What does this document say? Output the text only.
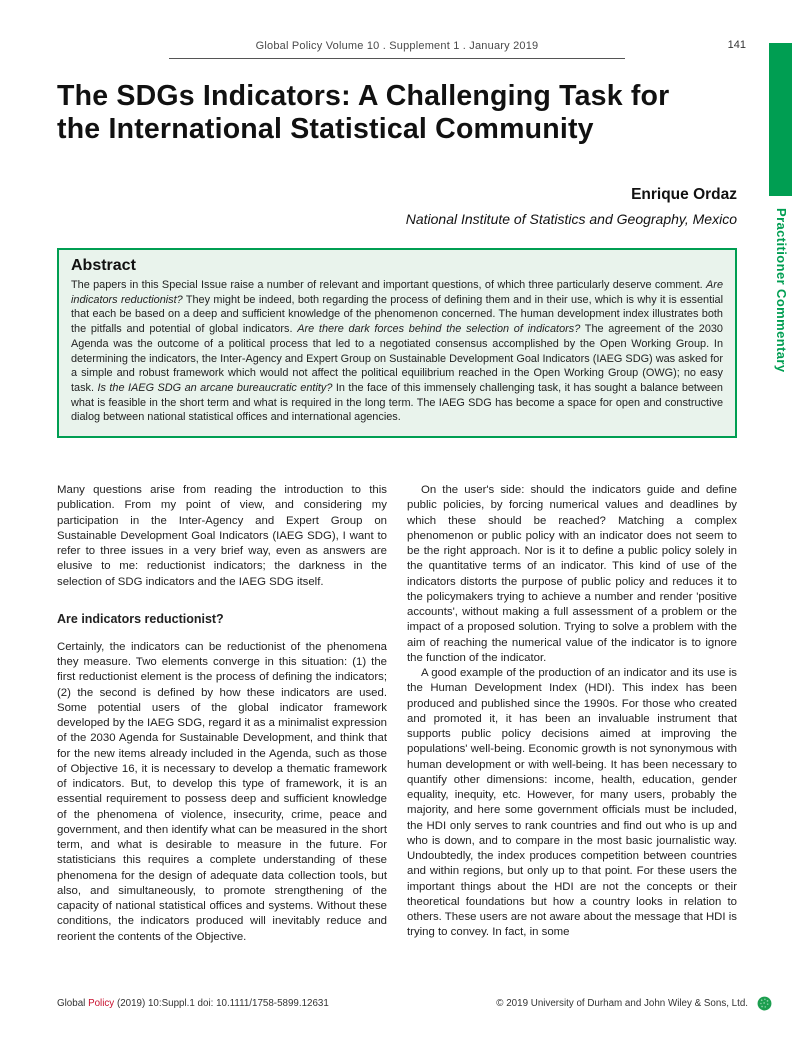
Global Policy Volume 10 . Supplement 1 . January 2019	141
Practitioner Commentary
The SDGs Indicators: A Challenging Task for the International Statistical Community
Enrique Ordaz
National Institute of Statistics and Geography, Mexico
Abstract

The papers in this Special Issue raise a number of relevant and important questions, of which three particularly deserve comment. Are indicators reductionist? They might be indeed, both regarding the process of defining them and in their use, which is why it is essential that each be based on a deep and sufficient knowledge of the phenomenon concerned. The human development index illustrates both the pitfalls and potential of global indicators. Are there dark forces behind the selection of indicators? The agreement of the 2030 Agenda was the outcome of a political process that led to a negotiated consensus accomplished by the Open Working Group. In determining the indicators, the Inter-Agency and Expert Group on Sustainable Development Goal Indicators (IAEG SDG) was asked for a simple and robust framework which would not affect the political equilibrium reached in the Open Working Group (OWG); no easy task. Is the IAEG SDG an arcane bureaucratic entity? In the face of this immensely challenging task, it has sought a balance between what is feasible in the short term and what is required in the long term. The IAEG SDG has become a space for open and constructive dialog between national statistical offices and international agencies.

Many questions arise from reading the introduction to this publication. From my point of view, and considering my participation in the Inter-Agency and Expert Group on Sustainable Development Goal Indicators (IAEG SDG), I want to refer to three issues in a very brief way, even as answers are elusive to me: reductionist indicators; the darkness in the selection of SDG indicators and the IAEG SDG itself.

Are indicators reductionist?

Certainly, the indicators can be reductionist of the phenomena they measure. Two elements converge in this situation: (1) the first reductionist element is the process of defining the indicators; (2) the second is defined by how these indicators are used. Some potential users of the global indicator framework developed by the IAEG SDG, regard it as a minimalist expression of the 2030 Agenda for Sustainable Development, and think that for the new items already included in the Agenda, such as those of Objective 16, it is necessary to develop a thematic framework of indicators. But, to develop this type of framework, it is an essential requirement to possess deep and sufficient knowledge of the phenomena of violence, insecurity, crime, peace and government, and then identify what can be measured in the short term, and what is desirable to measure in the future. For statisticians this requires a complete understanding of these phenomena for the design of adequate data collection tools, but also, and simultaneously, to promote strengthening of the capacity of national statistical offices and systems. Without these conditions, the indicators produced will inevitably reduce and reorient the contents of the Objective.

On the user's side: should the indicators guide and define public policies, by forcing numerical values and deadlines by which these should be reached? Matching a complex phenomenon or public policy with an indicator does not seem to be the right approach. Nor is it to define a public policy solely in the quantitative terms of an indicator. This kind of use of the indicators distorts the purpose of public policy and reduces it to the policymakers trying to achieve a number and render 'positive accounts', without making a full assessment of a problem or the impact of a proposed solution. Trying to solve a problem with the aim of reaching the numerical value of the indicator is to ignore the function of the indicator.

A good example of the production of an indicator and its use is the Human Development Index (HDI). This index has been produced and published since the 1990s. For those who created and promoted it, it has been an invaluable instrument that supports public policy decisions aimed at improving the populations' well-being. Economic growth is not synonymous with human development or with well-being. It has been necessary to quantify other dimensions: income, health, education, gender equality, inequity, etc. However, for many users, probably the majority, and here some government officials must be included, the HDI only serves to rank countries and find out who is up and who is down, and to compare in the most basic journalistic way. Undoubtedly, the index produces competition between countries and within regions, but only up to that point. For these users the important things about the HDI are not the concepts or their theoretical foundations but how a country looks in relation to others. These users are not aware about the message that HDI is trying to convey. In fact, in some

Global Policy (2019) 10:Suppl.1 doi: 10.1111/1758-5899.12631	© 2019 University of Durham and John Wiley & Sons, Ltd.
